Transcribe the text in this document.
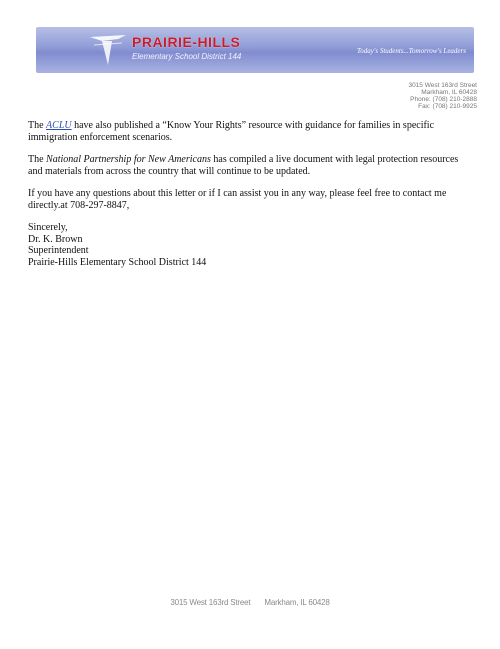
PRAIRIE-HILLS
Elementary School District 144
Today's Students...Tomorrow's Leaders
3015 West 163rd Street
Markham, IL 60428
Phone: (708) 210-2888
Fax: (708) 210-9925

The ACLU have also published a “Know Your Rights” resource with guidance for families in specific immigration enforcement scenarios.

The National Partnership for New Americans has compiled a live document with legal protection resources and materials from across the country that will continue to be updated.

If you have any questions about this letter or if I can assist you in any way, please feel free to contact me directly.at 708-297-8847,

Sincerely,
Dr. K. Brown
Superintendent
Prairie-Hills Elementary School District 144
3015 West 163rd Street Markham, IL 60428
